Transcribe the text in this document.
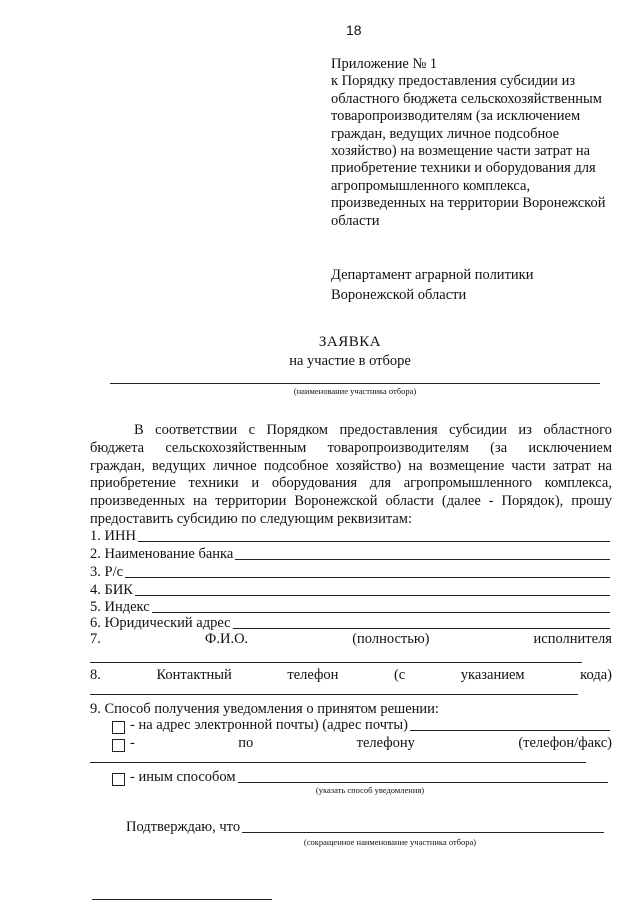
18
Приложение № 1
к Порядку предоставления субсидии из
областного бюджета сельскохозяйственным
товаропроизводителям (за исключением
граждан, ведущих личное подсобное
хозяйство) на возмещение части затрат на
приобретение техники и оборудования для
агропромышленного комплекса,
произведенных на территории Воронежской
области
Департамент аграрной политики
Воронежской области
ЗАЯВКА
на участие в отборе
(наименование участника отбора)
В соответствии с Порядком предоставления субсидии из областного
бюджета сельскохозяйственным товаропроизводителям (за исключением
граждан, ведущих личное подсобное хозяйство) на возмещение части затрат на
приобретение техники и оборудования для агропромышленного комплекса,
произведенных на территории Воронежской области (далее - Порядок), прошу
предоставить субсидию по следующим реквизитам:
1. ИНН
2. Наименование банка
3. Р/с
4. БИК
5. Индекс
6. Юридический адрес
7.	Ф.И.О.	(полностью)	исполнителя
8.	Контактный	телефон	(с	указанием	кода)
9. Способ получения уведомления о принятом решении:
- на адрес электронной почты) (адрес почты)
-	по	телефону	(телефон/факс)
- иным способом
(указать способ уведомления)
Подтверждаю, что
(сокращенное наименование участника отбора)
